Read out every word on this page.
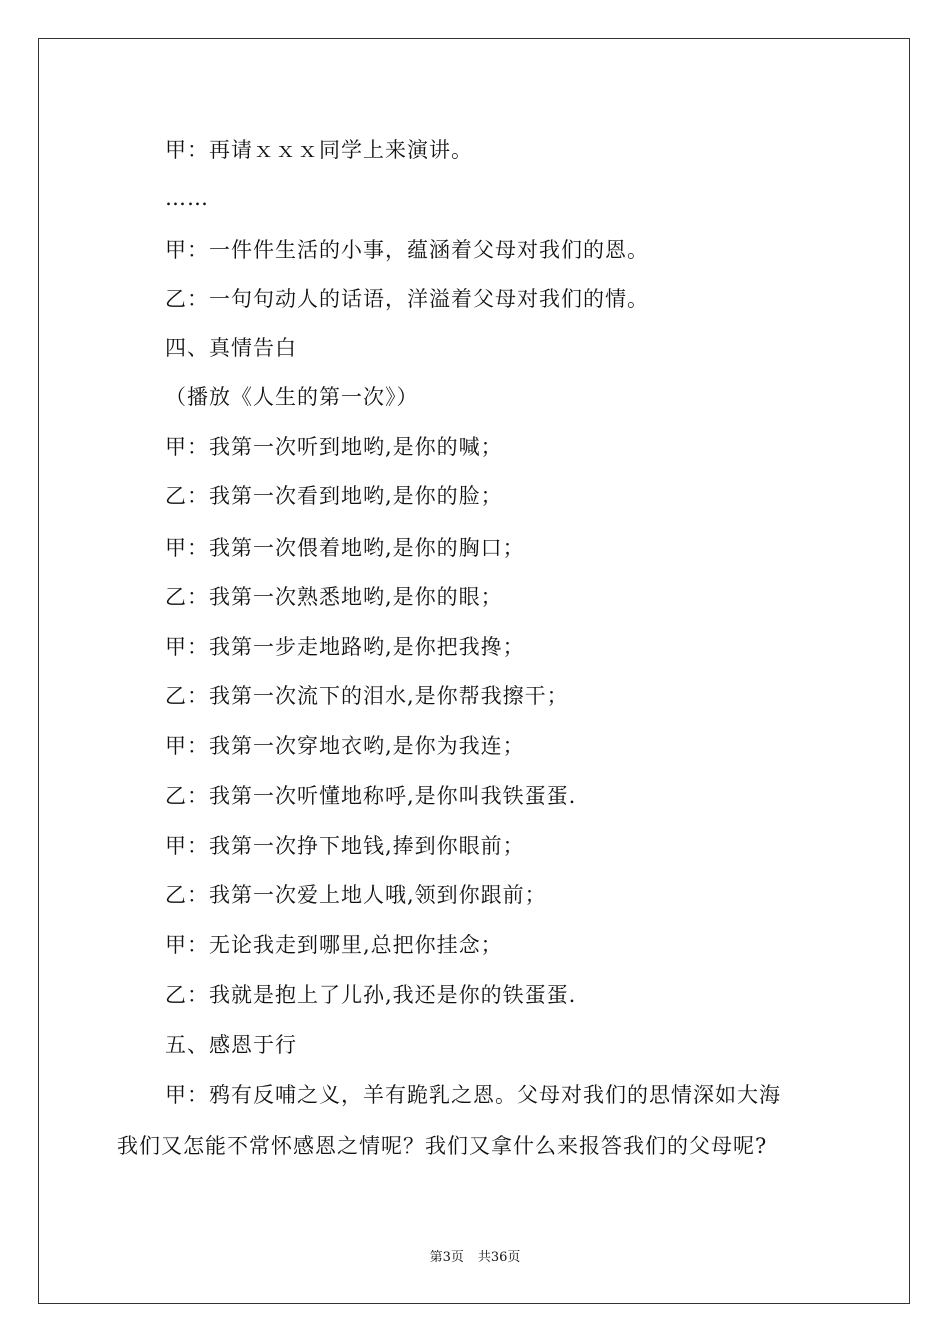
甲：再请ｘｘｘ同学上来演讲。
……
甲：一件件生活的小事，蕴涵着父母对我们的恩。
乙：一句句动人的话语，洋溢着父母对我们的情。
四、真情告白
（播放《人生的第一次》）
甲：我第一次听到地哟,是你的喊；
乙：我第一次看到地哟,是你的脸；
甲：我第一次偎着地哟,是你的胸口；
乙：我第一次熟悉地哟,是你的眼；
甲：我第一步走地路哟,是你把我搀；
乙：我第一次流下的泪水,是你帮我擦干；
甲：我第一次穿地衣哟,是你为我连；
乙：我第一次听懂地称呼,是你叫我铁蛋蛋.
甲：我第一次挣下地钱,捧到你眼前；
乙：我第一次爱上地人哦,领到你跟前；
甲：无论我走到哪里,总把你挂念；
乙：我就是抱上了儿孙,我还是你的铁蛋蛋.
五、感恩于行
甲：鸦有反哺之义，羊有跪乳之恩。父母对我们的思情深如大海
我们又怎能不常怀感恩之情呢？我们又拿什么来报答我们的父母呢?
第3页 共36页
